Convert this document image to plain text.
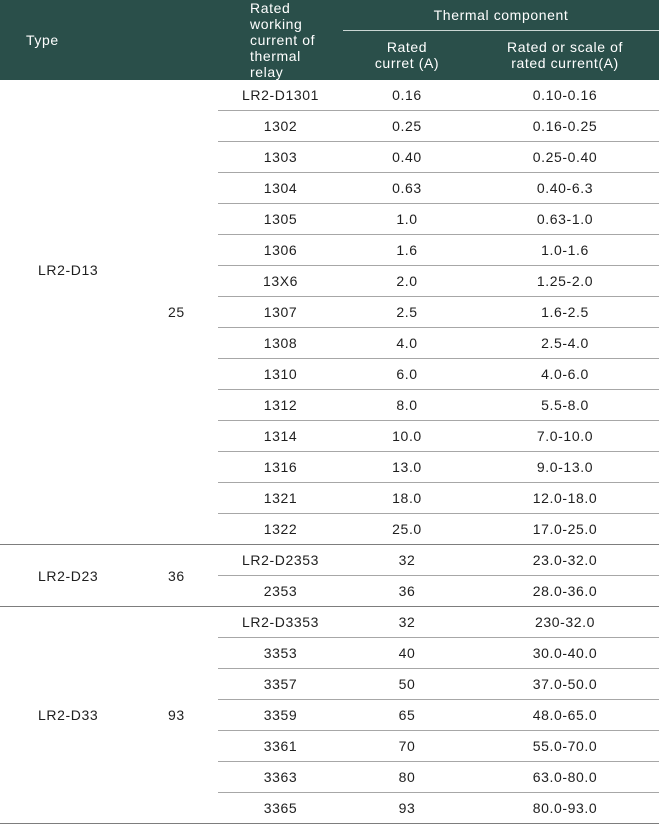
Type	Rated working current of thermal relay		Thermal component	
			Rated curret (A)	Rated or scale of rated current(A)
LR2-D13	25	LR2-D1301	0.16	0.10-0.16
		1302	0.25	0.16-0.25
		1303	0.40	0.25-0.40
		1304	0.63	0.40-6.3
		1305	1.0	0.63-1.0
		1306	1.6	1.0-1.6
		13X6	2.0	1.25-2.0
		1307	2.5	1.6-2.5
		1308	4.0	2.5-4.0
		1310	6.0	4.0-6.0
		1312	8.0	5.5-8.0
		1314	10.0	7.0-10.0
		1316	13.0	9.0-13.0
		1321	18.0	12.0-18.0
		1322	25.0	17.0-25.0
LR2-D23	36	LR2-D2353	32	23.0-32.0
		2353	36	28.0-36.0
LR2-D33	93	LR2-D3353	32	230-32.0
		3353	40	30.0-40.0
		3357	50	37.0-50.0
		3359	65	48.0-65.0
		3361	70	55.0-70.0
		3363	80	63.0-80.0
		3365	93	80.0-93.0
